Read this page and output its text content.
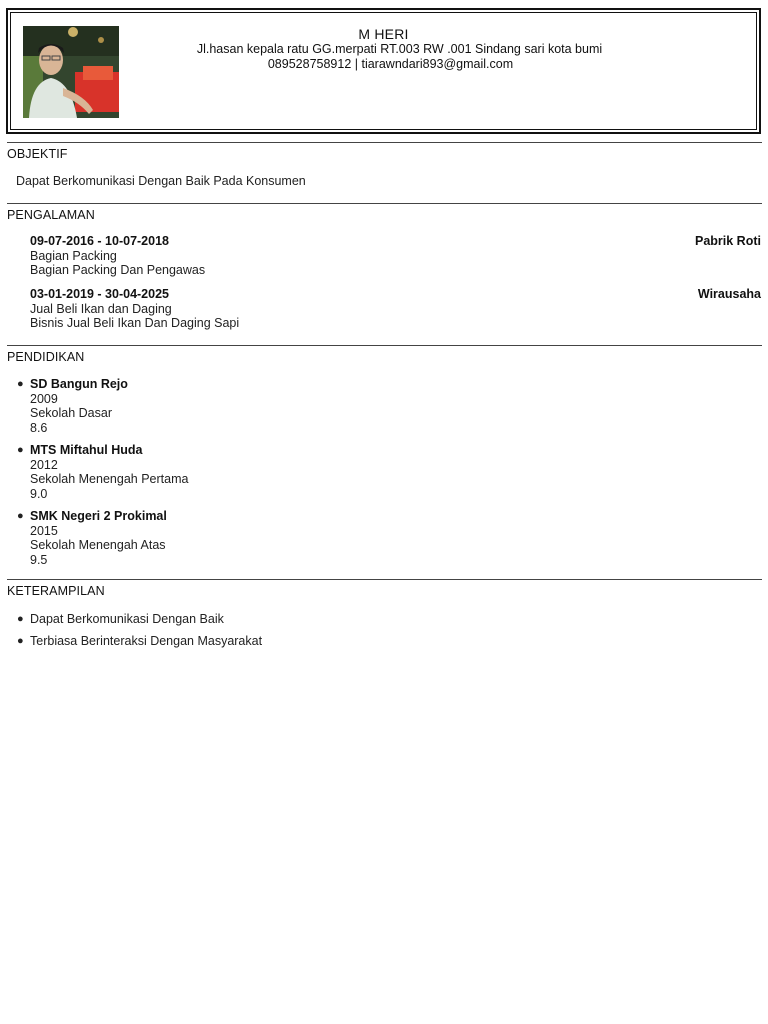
M HERI
Jl.hasan kepala ratu GG.merpati RT.003 RW .001 Sindang sari kota bumi
089528758912 | tiarawndari893@gmail.com
OBJEKTIF
Dapat Berkomunikasi Dengan Baik Pada Konsumen
PENGALAMAN
09-07-2016 - 10-07-2018	Pabrik Roti
Bagian Packing
Bagian Packing Dan Pengawas
03-01-2019 - 30-04-2025	Wirausaha
Jual Beli Ikan dan Daging
Bisnis Jual Beli Ikan Dan Daging Sapi
PENDIDIKAN
● SD Bangun Rejo
2009
Sekolah Dasar
8.6
● MTS Miftahul Huda
2012
Sekolah Menengah Pertama
9.0
● SMK Negeri 2 Prokimal
2015
Sekolah Menengah Atas
9.5
KETERAMPILAN
● Dapat Berkomunikasi Dengan Baik
● Terbiasa Berinteraksi Dengan Masyarakat
